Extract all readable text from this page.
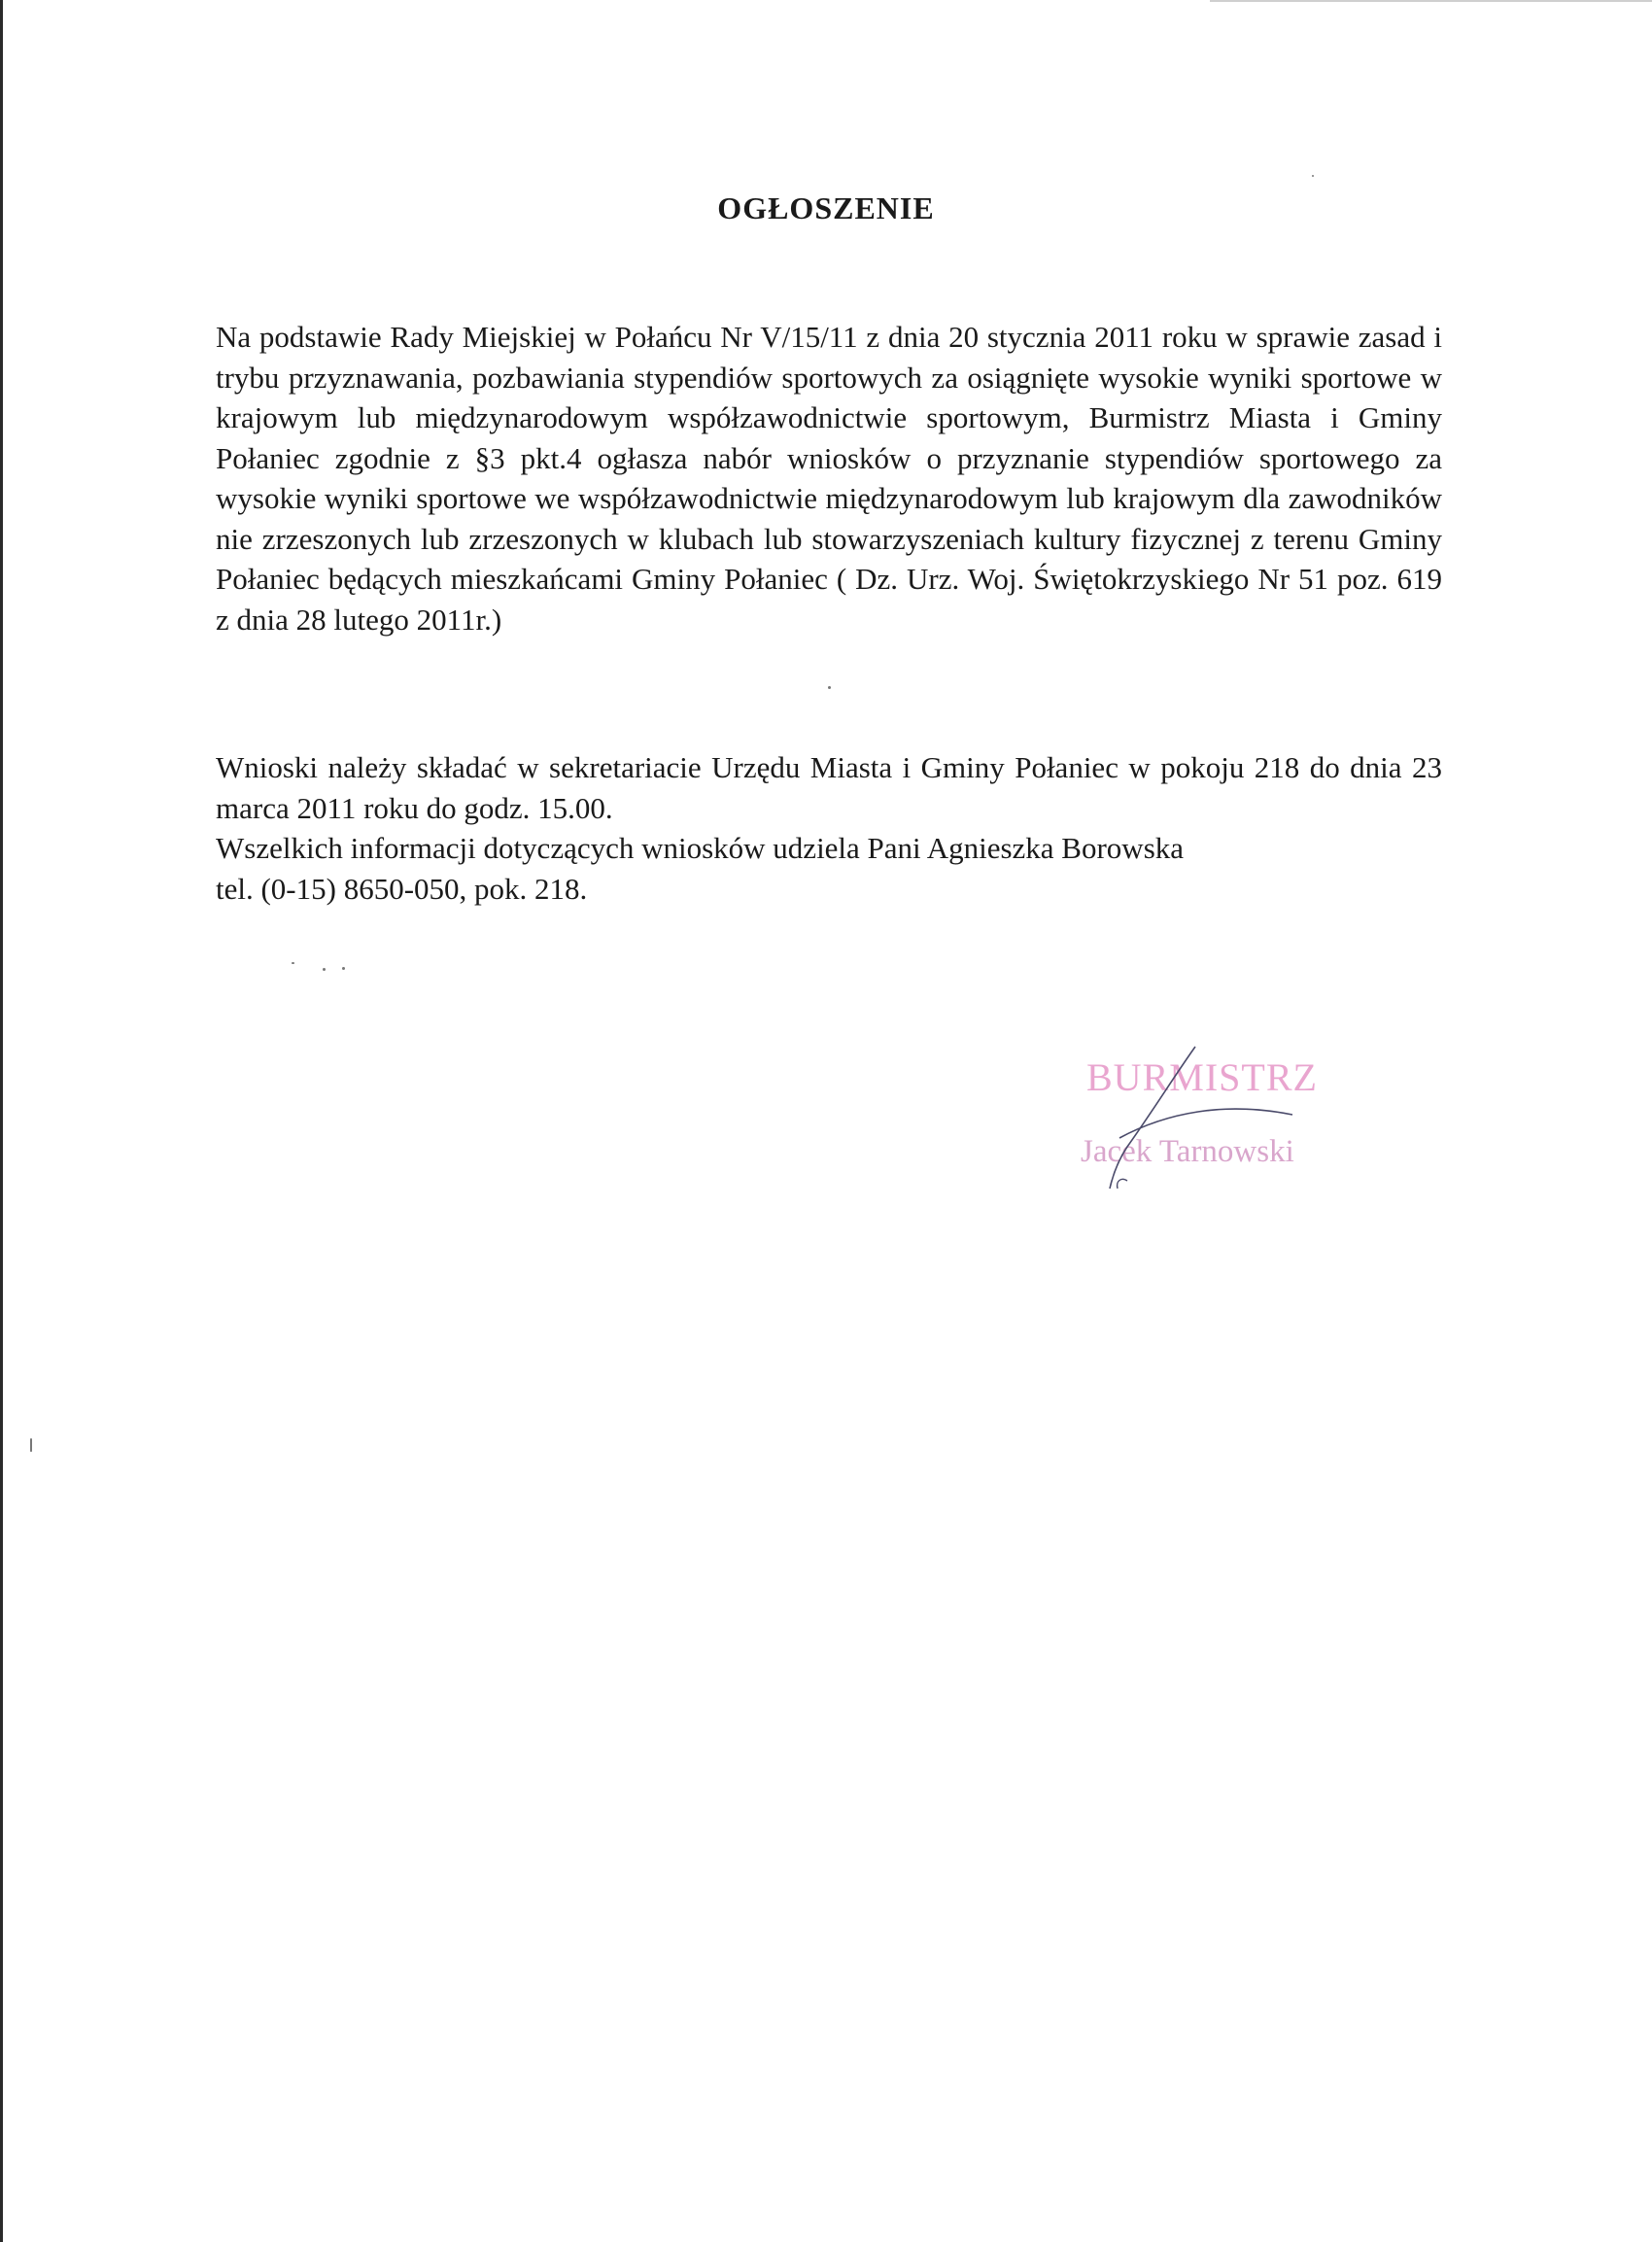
OGŁOSZENIE
Na podstawie Rady Miejskiej w Połańcu Nr V/15/11 z dnia 20 stycznia 2011 roku w sprawie zasad i trybu przyznawania, pozbawiania stypendiów sportowych za osiągnięte wysokie wyniki sportowe w krajowym lub międzynarodowym współzawodnictwie sportowym, Burmistrz Miasta i Gminy Połaniec zgodnie z §3 pkt.4 ogłasza nabór wniosków o przyznanie stypendiów sportowego za wysokie wyniki sportowe we współzawodnictwie międzynarodowym lub krajowym dla zawodników nie zrzeszonych lub zrzeszonych w klubach lub stowarzyszeniach kultury fizycznej z terenu Gminy Połaniec będących mieszkańcami Gminy Połaniec ( Dz. Urz. Woj. Świętokrzyskiego Nr 51 poz. 619 z dnia 28 lutego 2011r.)
Wnioski należy składać w sekretariacie Urzędu Miasta i Gminy Połaniec w pokoju 218 do dnia 23 marca 2011 roku do godz. 15.00.
Wszelkich informacji dotyczących wniosków udziela Pani Agnieszka Borowska
tel. (0-15) 8650-050, pok. 218.
BURMISTRZ
Jacek Tarnowski
